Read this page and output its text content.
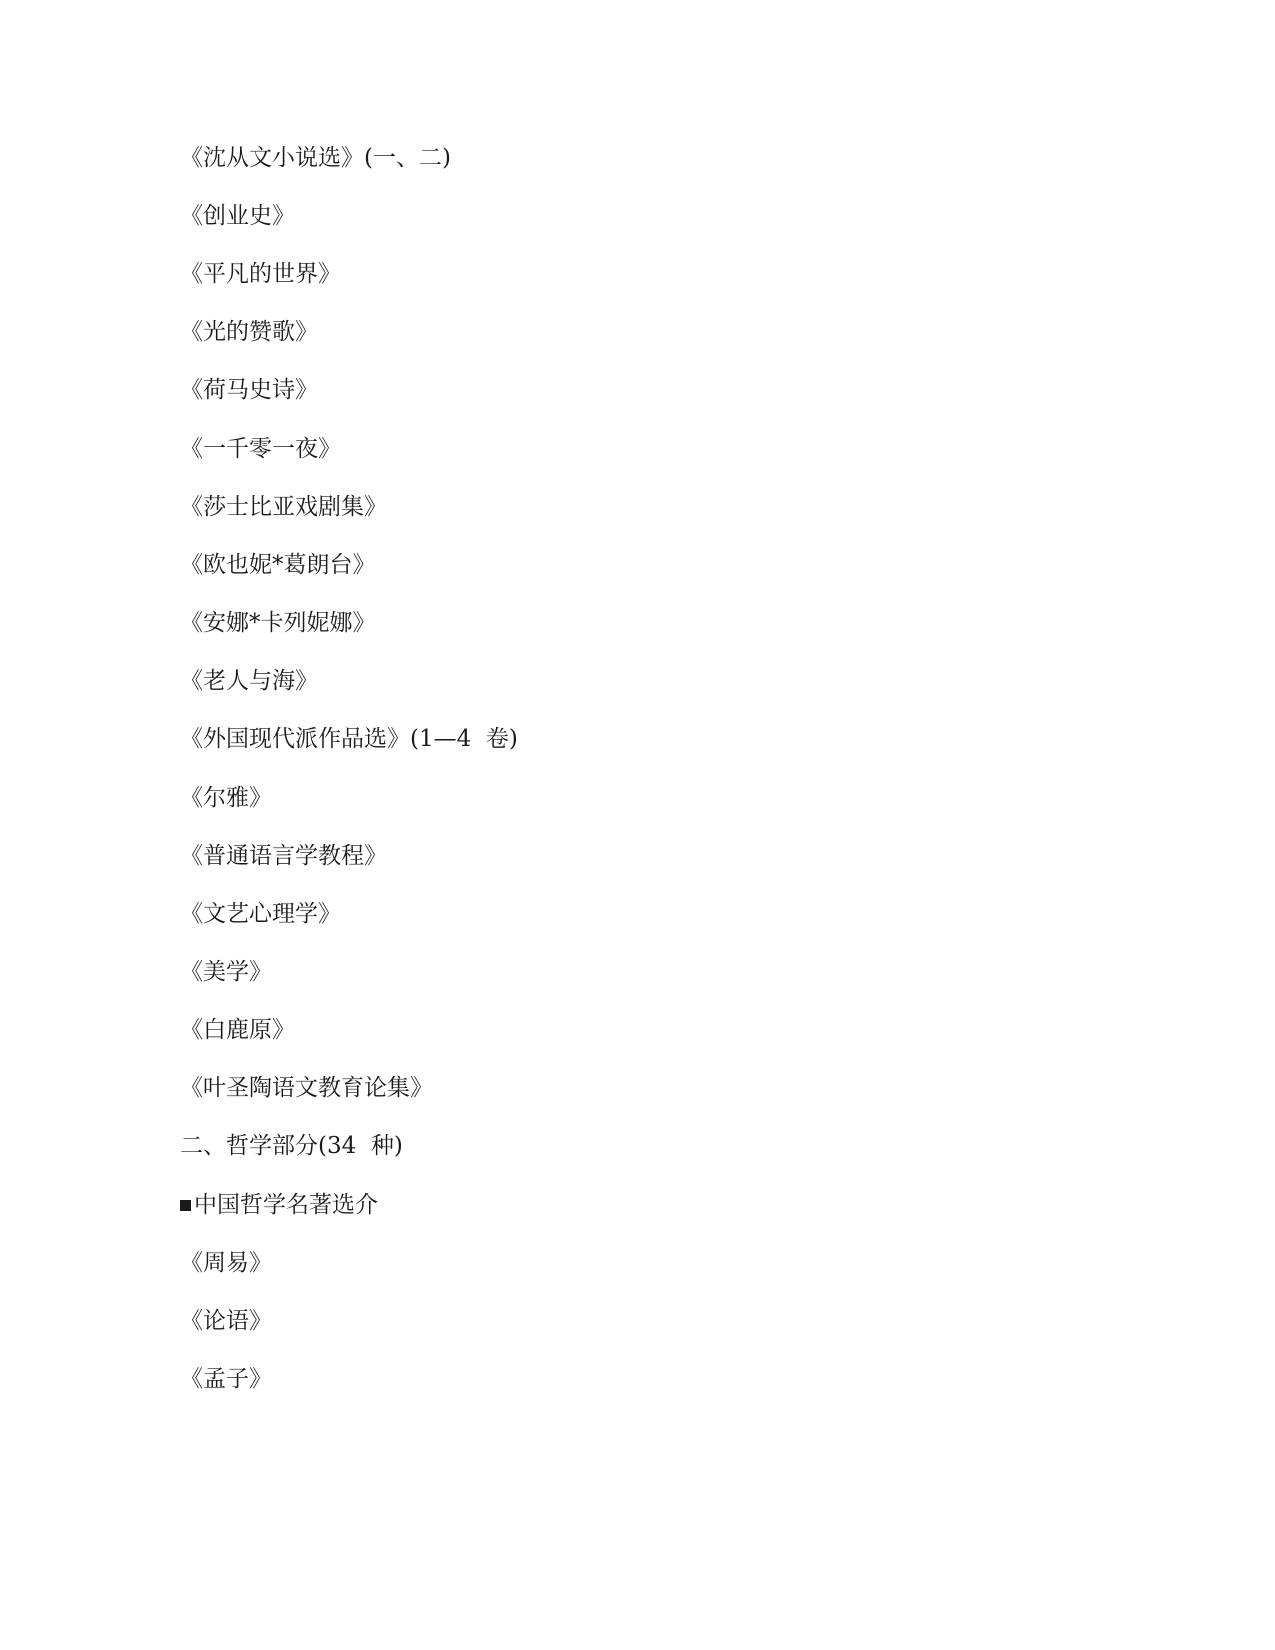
《沈从文小说选》(一、二)
《创业史》
《平凡的世界》
《光的赞歌》
《荷马史诗》
《一千零一夜》
《莎士比亚戏剧集》
《欧也妮*葛朗台》
《安娜*卡列妮娜》
《老人与海》
《外国现代派作品选》(1—4  卷)
《尔雅》
《普通语言学教程》
《文艺心理学》
《美学》
《白鹿原》
《叶圣陶语文教育论集》
二、哲学部分(34  种)
中国哲学名著选介
《周易》
《论语》
《孟子》
